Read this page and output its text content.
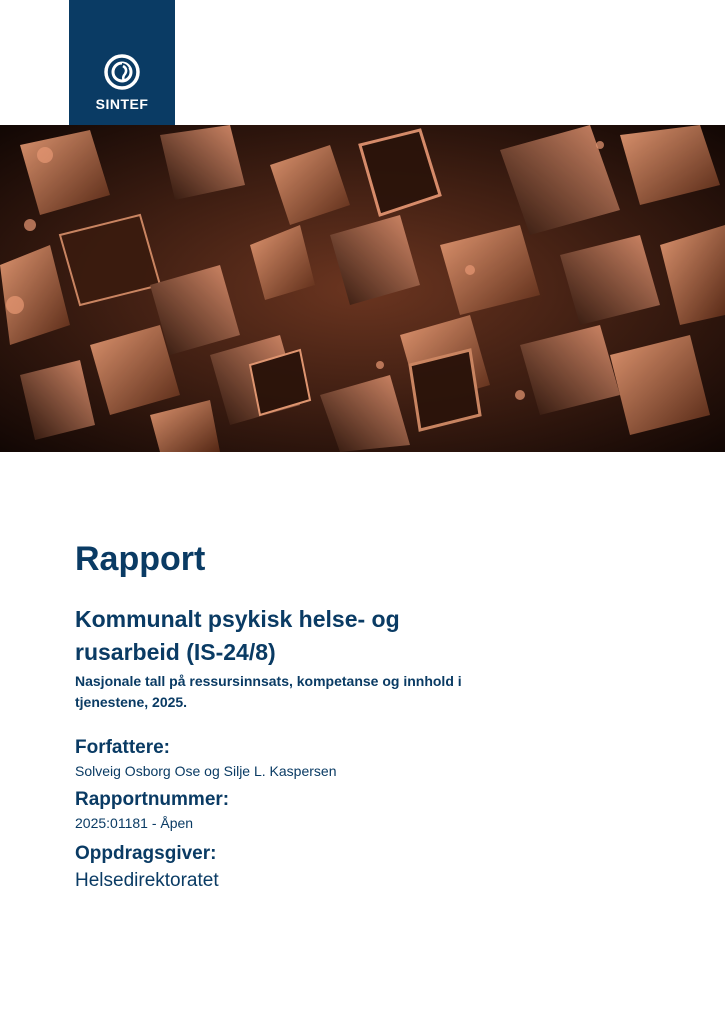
SINTEF
Rapport
Kommunalt psykisk helse- og
rusarbeid (IS-24/8)
Nasjonale tall på ressursinnsats, kompetanse og innhold i tjenestene, 2025.
Forfattere:
Solveig Osborg Ose og Silje L. Kaspersen
Rapportnummer:
2025:01181 - Åpen
Oppdragsgiver:
Helsedirektoratet
